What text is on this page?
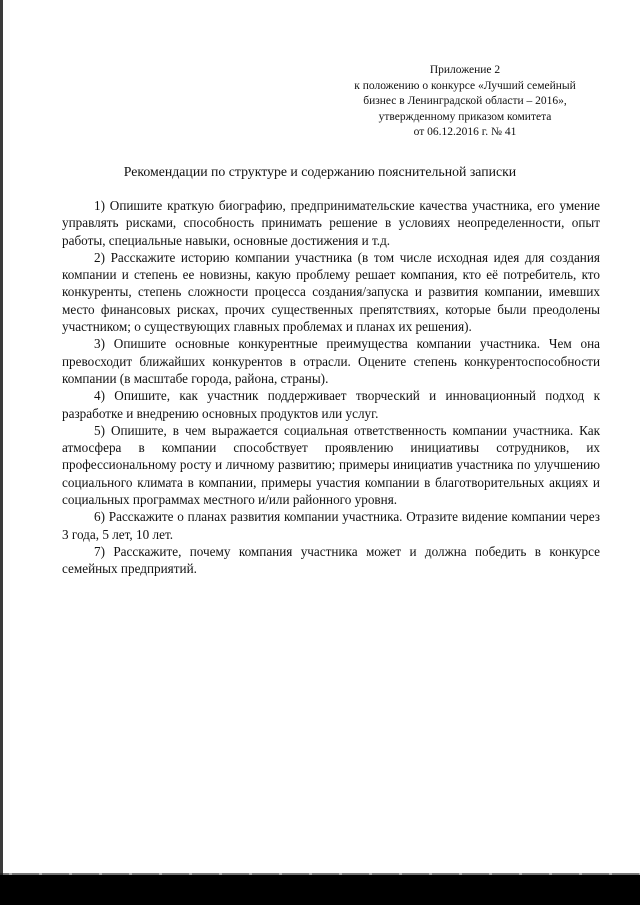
Приложение 2
к положению о конкурсе «Лучший семейный
бизнес в Ленинградской области – 2016»,
утвержденному приказом комитета
от 06.12.2016 г. № 41
Рекомендации по структуре и содержанию пояснительной записки

1) Опишите краткую биографию, предпринимательские качества участника, его умение управлять рисками, способность принимать решение в условиях неопределенности, опыт работы, специальные навыки, основные достижения и т.д.

2) Расскажите историю компании участника (в том числе исходная идея для создания компании и степень ее новизны, какую проблему решает компания, кто её потребитель, кто конкуренты, степень сложности процесса создания/запуска и развития компании, имевших место финансовых рисках, прочих существенных препятствиях, которые были преодолены участником; о существующих главных проблемах и планах их решения).

3) Опишите основные конкурентные преимущества компании участника. Чем она превосходит ближайших конкурентов в отрасли. Оцените степень конкурентоспособности компании (в масштабе города, района, страны).

4) Опишите, как участник поддерживает творческий и инновационный подход к разработке и внедрению основных продуктов или услуг.

5) Опишите, в чем выражается социальная ответственность компании участника. Как атмосфера в компании способствует проявлению инициативы сотрудников, их профессиональному росту и личному развитию; примеры инициатив участника по улучшению социального климата в компании, примеры участия компании в благотворительных акциях и социальных программах местного и/или районного уровня.

6) Расскажите о планах развития компании участника. Отразите видение компании через 3 года, 5 лет, 10 лет.

7) Расскажите, почему компания участника может и должна победить в конкурсе семейных предприятий.
